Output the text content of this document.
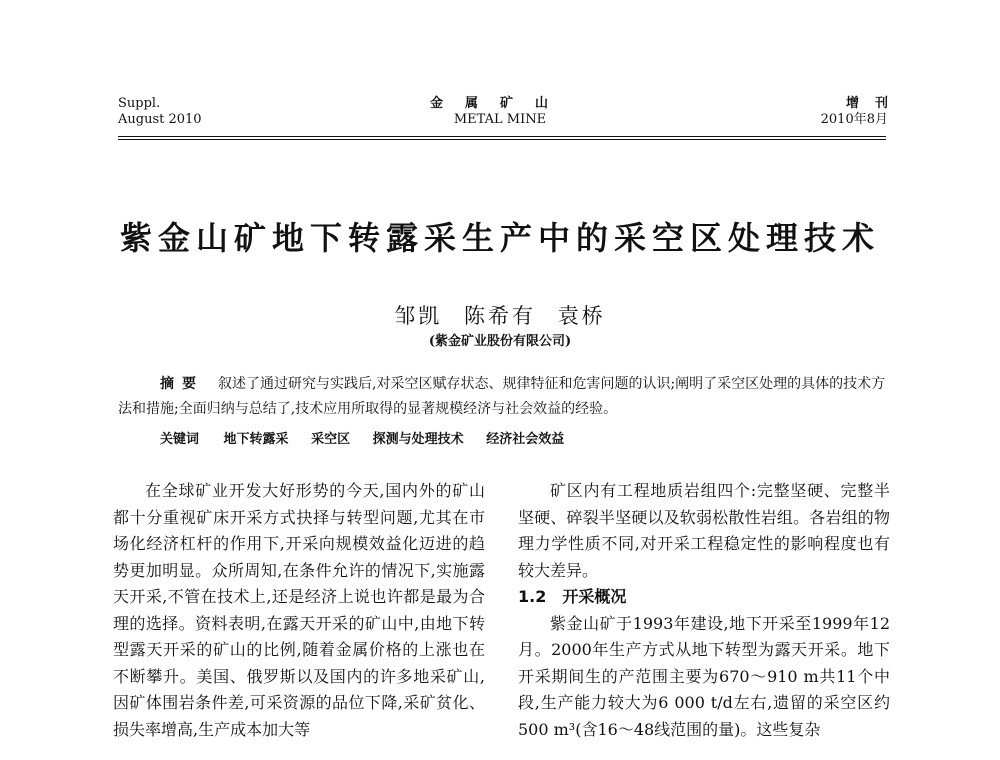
Suppl.
August 2010
金属矿山
METAL MINE
增刊
2010年8月
紫金山矿地下转露采生产中的采空区处理技术
邹凯 陈希有 袁桥
(紫金矿业股份有限公司)
摘要 叙述了通过研究与实践后,对采空区赋存状态、规律特征和危害问题的认识;阐明了采空区处理的具体的技术方法和措施;全面归纳与总结了,技术应用所取得的显著规模经济与社会效益的经验。
关键词 地下转露采 采空区 探测与处理技术 经济社会效益

在全球矿业开发大好形势的今天,国内外的矿山都十分重视矿床开采方式抉择与转型问题,尤其在市场化经济杠杆的作用下,开采向规模效益化迈进的趋势更加明显。众所周知,在条件允许的情况下,实施露天开采,不管在技术上,还是经济上说也许都是最为合理的选择。资料表明,在露天开采的矿山中,由地下转型露天开采的矿山的比例,随着金属价格的上涨也在不断攀升。美国、俄罗斯以及国内的许多地采矿山,因矿体围岩条件差,可采资源的品位下降,采矿贫化、损失率增高,生产成本加大等

矿区内有工程地质岩组四个:完整坚硬、完整半坚硬、碎裂半坚硬以及软弱松散性岩组。各岩组的物理力学性质不同,对开采工程稳定性的影响程度也有较大差异。

1.2　开采概况

紫金山矿于1993年建设,地下开采至1999年12月。2000年生产方式从地下转型为露天开采。地下开采期间生的产范围主要为670～910 m共11个中段,生产能力较大为6 000 t/d左右,遗留的采空区约500 m³(含16～48线范围的量)。这些复杂
